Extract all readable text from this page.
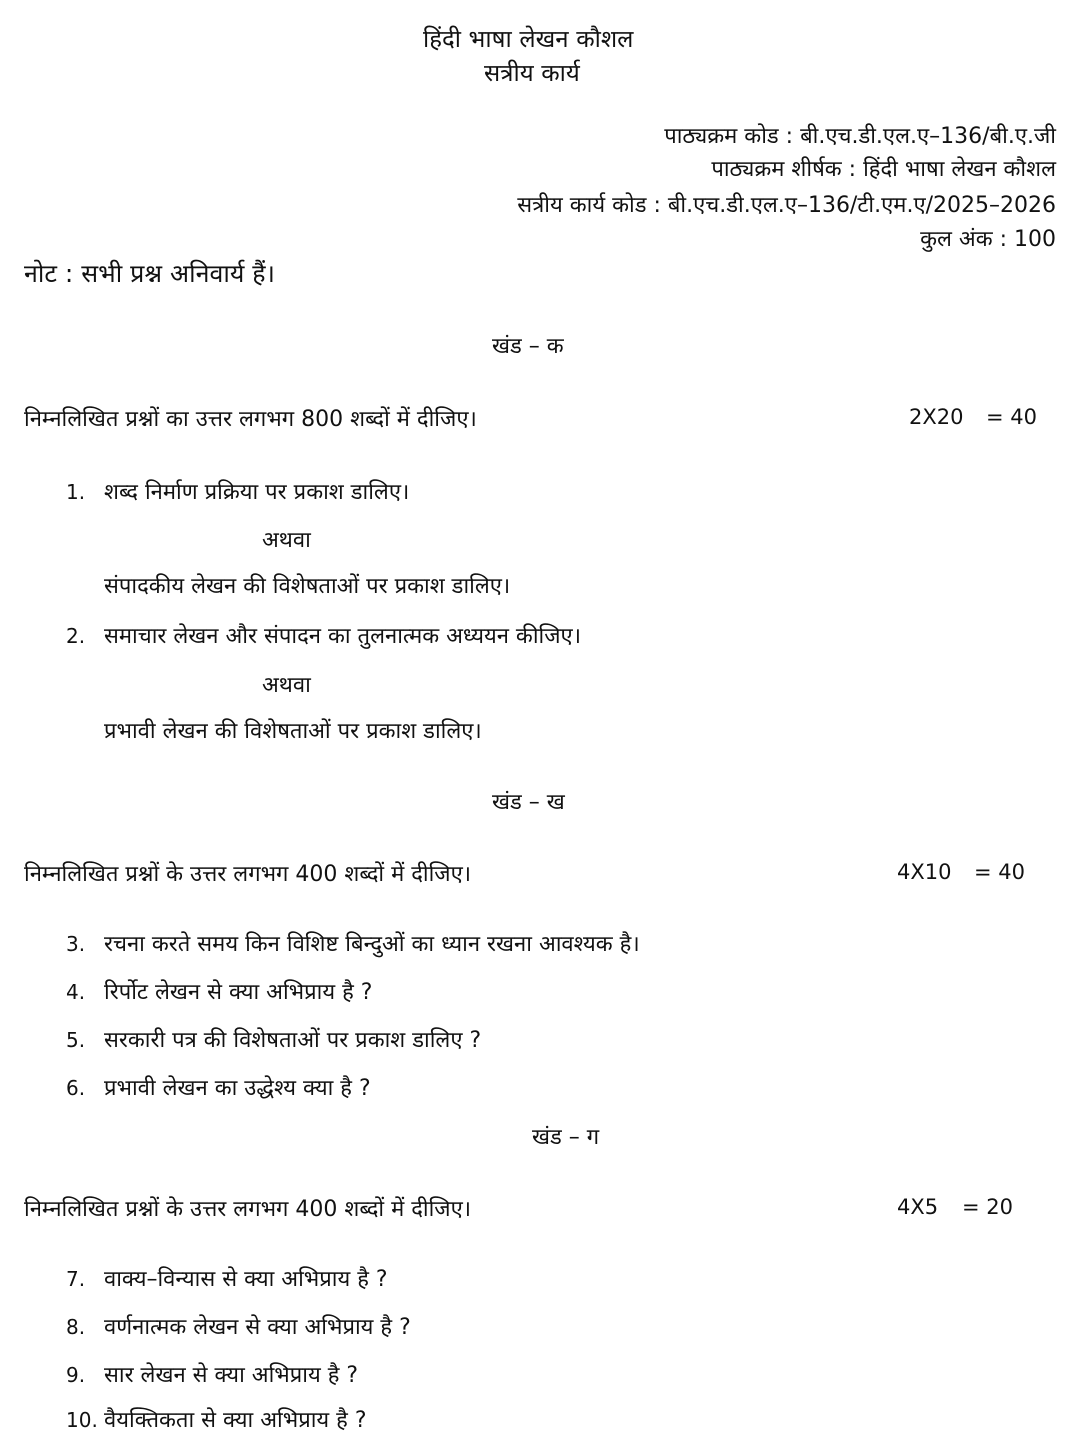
हिंदी भाषा लेखन कौशल
सत्रीय कार्य
पाठ्यक्रम कोड : बी.एच.डी.एल.ए–136/बी.ए.जी
पाठ्यक्रम शीर्षक : हिंदी भाषा लेखन कौशल
सत्रीय कार्य कोड : बी.एच.डी.एल.ए–136/टी.एम.ए/2025–2026
कुल अंक : 100
नोट : सभी प्रश्न अनिवार्य हैं।
खंड – क
निम्नलिखित प्रश्नों का उत्तर लगभग 800 शब्दों में दीजिए।	2X20 = 40
1. शब्द निर्माण प्रक्रिया पर प्रकाश डालिए।
अथवा
संपादकीय लेखन की विशेषताओं पर प्रकाश डालिए।
2. समाचार लेखन और संपादन का तुलनात्मक अध्ययन कीजिए।
अथवा
प्रभावी लेखन की विशेषताओं पर प्रकाश डालिए।
खंड – ख
निम्नलिखित प्रश्नों के उत्तर लगभग 400 शब्दों में दीजिए।	4X10 = 40
3. रचना करते समय किन विशिष्ट बिन्दुओं का ध्यान रखना आवश्यक है।
4. रिर्पोट लेखन से क्या अभिप्राय है ?
5. सरकारी पत्र की विशेषताओं पर प्रकाश डालिए ?
6. प्रभावी लेखन का उद्धेश्य क्या है ?
खंड – ग
निम्नलिखित प्रश्नों के उत्तर लगभग 400 शब्दों में दीजिए।	4X5 = 20
7. वाक्य–विन्यास से क्या अभिप्राय है ?
8. वर्णनात्मक लेखन से क्या अभिप्राय है ?
9. सार लेखन से क्या अभिप्राय है ?
10. वैयक्तिकता से क्या अभिप्राय है ?
